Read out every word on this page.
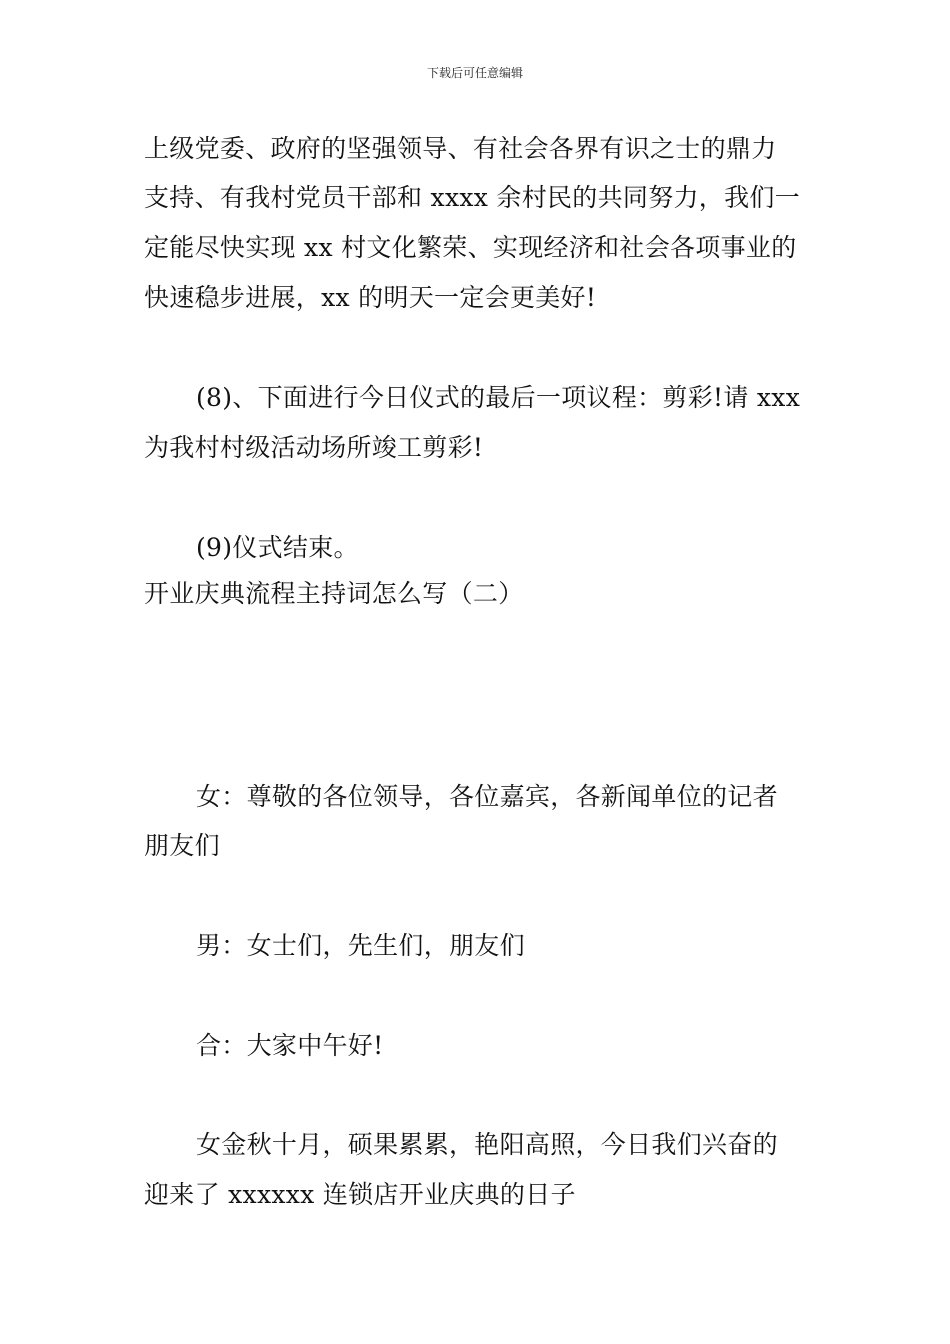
下载后可任意编辑
上级党委、政府的坚强领导、有社会各界有识之士的鼎力
支持、有我村党员干部和 xxxx 余村民的共同努力，我们一
定能尽快实现 xx 村文化繁荣、实现经济和社会各项事业的
快速稳步进展，xx 的明天一定会更美好!
(8)、下面进行今日仪式的最后一项议程：剪彩!请 xxx
为我村村级活动场所竣工剪彩!
(9)仪式结束。
开业庆典流程主持词怎么写（二）
女：尊敬的各位领导，各位嘉宾，各新闻单位的记者
朋友们
男：女士们，先生们，朋友们
合：大家中午好!
女金秋十月，硕果累累，艳阳高照，今日我们兴奋的
迎来了 xxxxxx 连锁店开业庆典的日子
